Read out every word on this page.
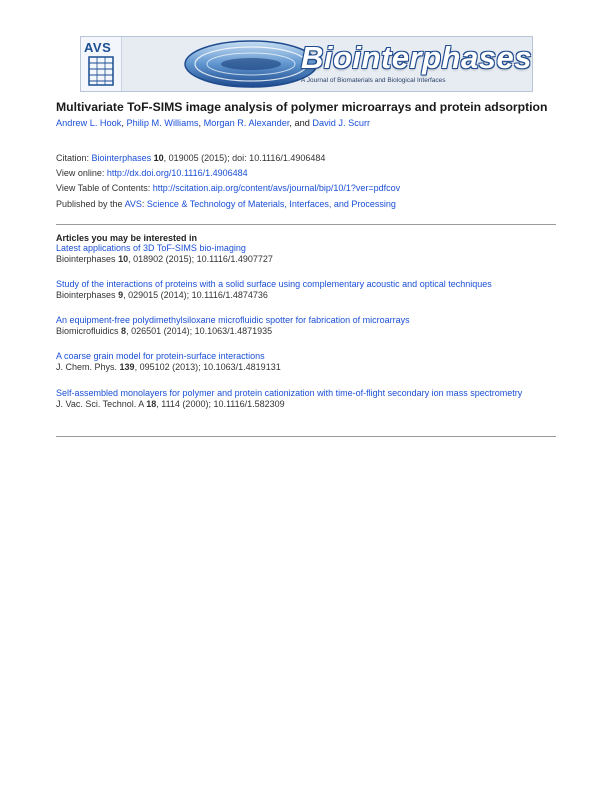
AVS	Biointerphases
A Journal of Biomaterials and Biological Interfaces
Multivariate ToF-SIMS image analysis of polymer microarrays and protein adsorption
Andrew L. Hook, Philip M. Williams, Morgan R. Alexander, and David J. Scurr
Citation: Biointerphases 10, 019005 (2015); doi: 10.1116/1.4906484
View online: http://dx.doi.org/10.1116/1.4906484
View Table of Contents: http://scitation.aip.org/content/avs/journal/bip/10/1?ver=pdfcov
Published by the AVS: Science & Technology of Materials, Interfaces, and Processing
Articles you may be interested in
Latest applications of 3D ToF-SIMS bio-imaging
Biointerphases 10, 018902 (2015); 10.1116/1.4907727
Study of the interactions of proteins with a solid surface using complementary acoustic and optical techniques
Biointerphases 9, 029015 (2014); 10.1116/1.4874736
An equipment-free polydimethylsiloxane microfluidic spotter for fabrication of microarrays
Biomicrofluidics 8, 026501 (2014); 10.1063/1.4871935
A coarse grain model for protein-surface interactions
J. Chem. Phys. 139, 095102 (2013); 10.1063/1.4819131
Self-assembled monolayers for polymer and protein cationization with time-of-flight secondary ion mass spectrometry
J. Vac. Sci. Technol. A 18, 1114 (2000); 10.1116/1.582309
